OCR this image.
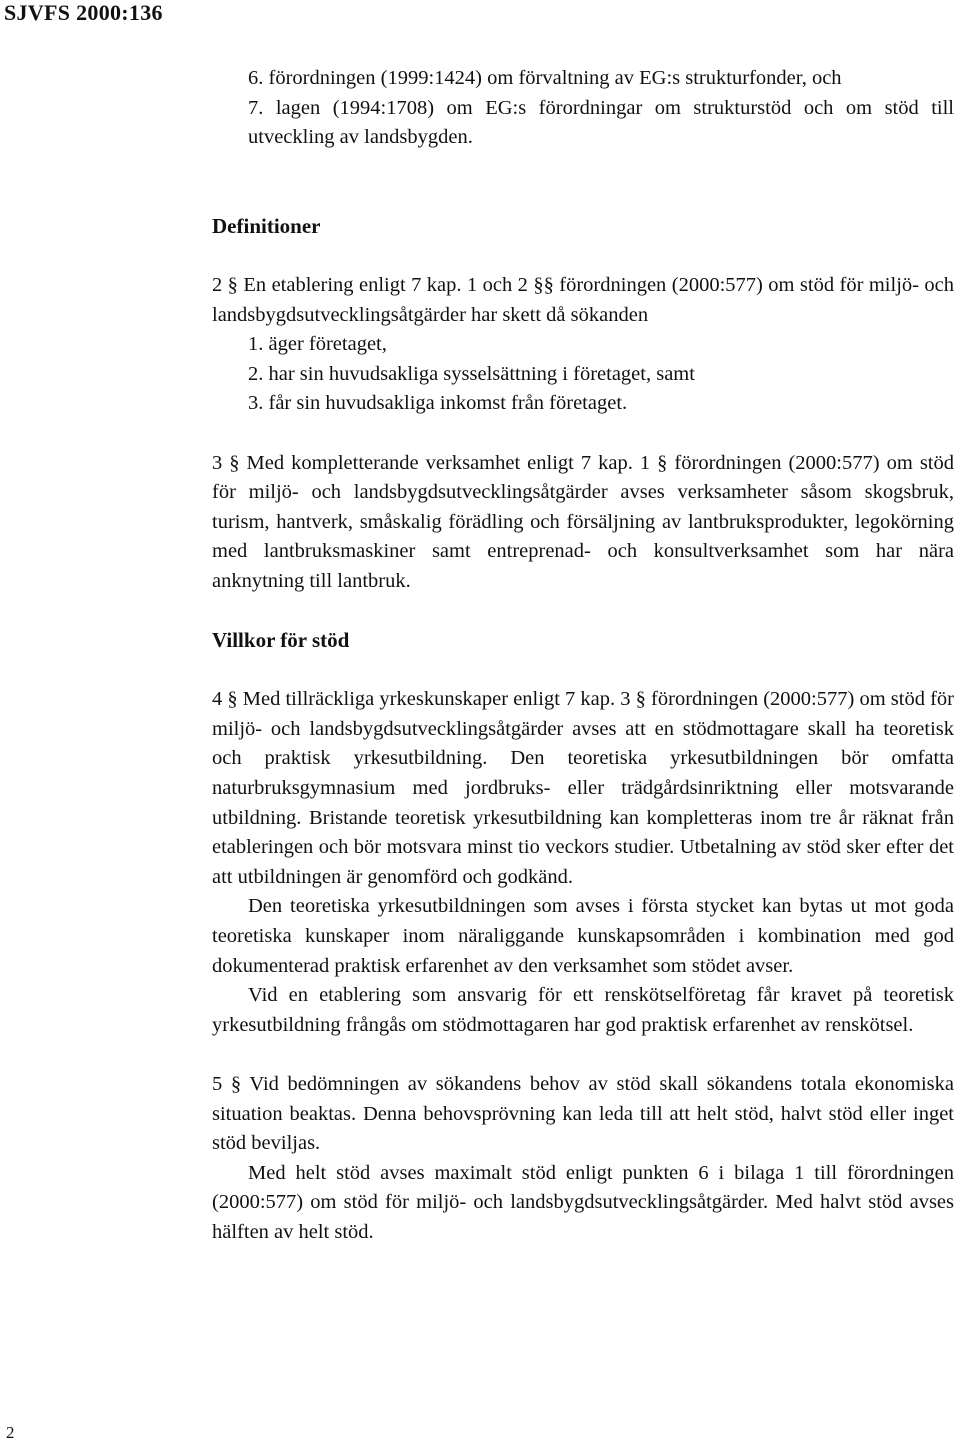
SJVFS 2000:136

6. förordningen (1999:1424) om förvaltning av EG:s strukturfonder, och

7. lagen (1994:1708) om EG:s förordningar om strukturstöd och om stöd till utveckling av landsbygden.

Definitioner

2 § En etablering enligt 7 kap. 1 och 2 §§ förordningen (2000:577) om stöd för miljö- och landsbygdsutvecklingsåtgärder har skett då sökanden

1. äger företaget,

2. har sin huvudsakliga sysselsättning i företaget, samt

3. får sin huvudsakliga inkomst från företaget.

3 § Med kompletterande verksamhet enligt 7 kap. 1 § förordningen (2000:577) om stöd för miljö- och landsbygdsutvecklingsåtgärder avses verksamheter såsom skogsbruk, turism, hantverk, småskalig förädling och försäljning av lantbruksprodukter, legokörning med lantbruksmaskiner samt entreprenad- och konsultverksamhet som har nära anknytning till lantbruk.

Villkor för stöd

4 § Med tillräckliga yrkeskunskaper enligt 7 kap. 3 § förordningen (2000:577) om stöd för miljö- och landsbygdsutvecklingsåtgärder avses att en stödmottagare skall ha teoretisk och praktisk yrkesutbildning. Den teoretiska yrkesutbildningen bör omfatta naturbruksgymnasium med jordbruks- eller trädgårdsinriktning eller motsvarande utbildning. Bristande teoretisk yrkesutbildning kan kompletteras inom tre år räknat från etableringen och bör motsvara minst tio veckors studier. Utbetalning av stöd sker efter det att utbildningen är genomförd och godkänd.

Den teoretiska yrkesutbildningen som avses i första stycket kan bytas ut mot goda teoretiska kunskaper inom näraliggande kunskapsområden i kombination med god dokumenterad praktisk erfarenhet av den verksamhet som stödet avser.

Vid en etablering som ansvarig för ett renskötselföretag får kravet på teoretisk yrkesutbildning frångås om stödmottagaren har god praktisk erfarenhet av renskötsel.

5 § Vid bedömningen av sökandens behov av stöd skall sökandens totala ekonomiska situation beaktas. Denna behovsprövning kan leda till att helt stöd, halvt stöd eller inget stöd beviljas.

Med helt stöd avses maximalt stöd enligt punkten 6 i bilaga 1 till förordningen (2000:577) om stöd för miljö- och landsbygdsutvecklingsåtgärder. Med halvt stöd avses hälften av helt stöd.

2
